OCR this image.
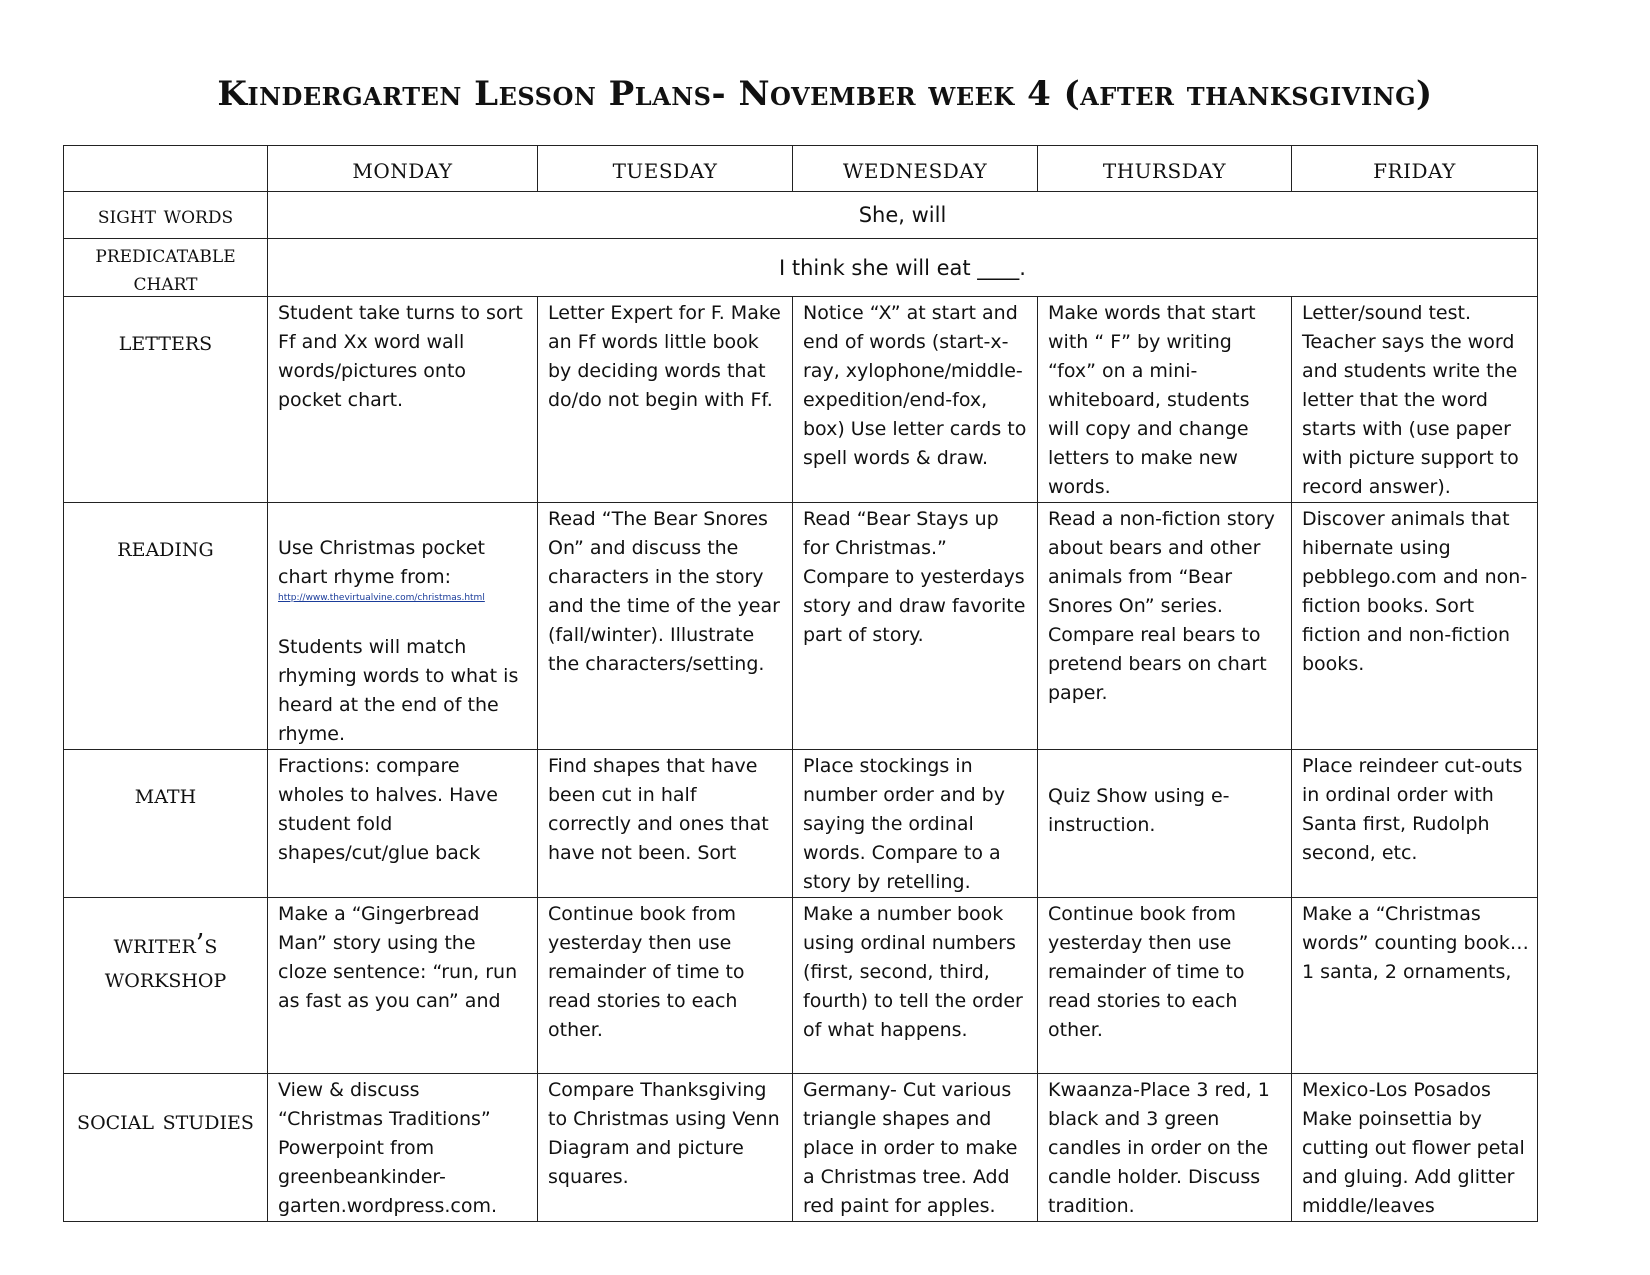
Kindergarten Lesson Plans- November week 4 (after thanksgiving)
	monday	tuesday	wednesday	thursday	friday
sight words	She, will				
predicatable chart	I think she will eat ____.				
letters	Student take turns to sort Ff and Xx word wall words/pictures onto pocket chart.	Letter Expert for F. Make an Ff words little book by deciding words that do/do not begin with Ff.	Notice “X” at start and end of words (start-x-ray, xylophone/middle-expedition/end-fox, box) Use letter cards to spell words & draw.	Make words that start with “ F” by writing “fox” on a mini-whiteboard, students will copy and change letters to make new words.	Letter/sound test. Teacher says the word and students write the letter that the word starts with (use paper with picture support to record answer).
reading	Use Christmas pocket chart rhyme from:

http://www.thevirtualvine.com/christmas.html

Students will match rhyming words to what is heard at the end of the rhyme.	Read “The Bear Snores On” and discuss the characters in the story and the time of the year (fall/winter). Illustrate the characters/setting.	Read “Bear Stays up for Christmas.” Compare to yesterdays story and draw favorite part of story.	Read a non-fiction story about bears and other animals from “Bear Snores On” series. Compare real bears to pretend bears on chart paper.	Discover animals that hibernate using pebblego.com and non-fiction books. Sort fiction and non-fiction books.
math	Fractions: compare wholes to halves. Have student fold shapes/cut/glue back	Find shapes that have been cut in half correctly and ones that have not been. Sort	Place stockings in number order and by saying the ordinal words. Compare to a story by retelling.	Quiz Show using e-instruction.	Place reindeer cut-outs in ordinal order with Santa first, Rudolph second, etc.
writer’s workshop	Make a “Gingerbread Man” story using the cloze sentence: “run, run as fast as you can” and	Continue book from yesterday then use remainder of time to read stories to each other.	Make a number book using ordinal numbers (first, second, third, fourth) to tell the order of what happens.	Continue book from yesterday then use remainder of time to read stories to each other.	Make a “Christmas words” counting book…1 santa, 2 ornaments,
social studies	View & discuss “Christmas Traditions” Powerpoint from greenbeankinder-garten.wordpress.com.	Compare Thanksgiving to Christmas using Venn Diagram and picture squares.	Germany- Cut various triangle shapes and place in order to make a Christmas tree. Add red paint for apples.	Kwaanza-Place 3 red, 1 black and 3 green candles in order on the candle holder. Discuss tradition.	Mexico-Los Posados Make poinsettia by cutting out flower petal and gluing. Add glitter middle/leaves
